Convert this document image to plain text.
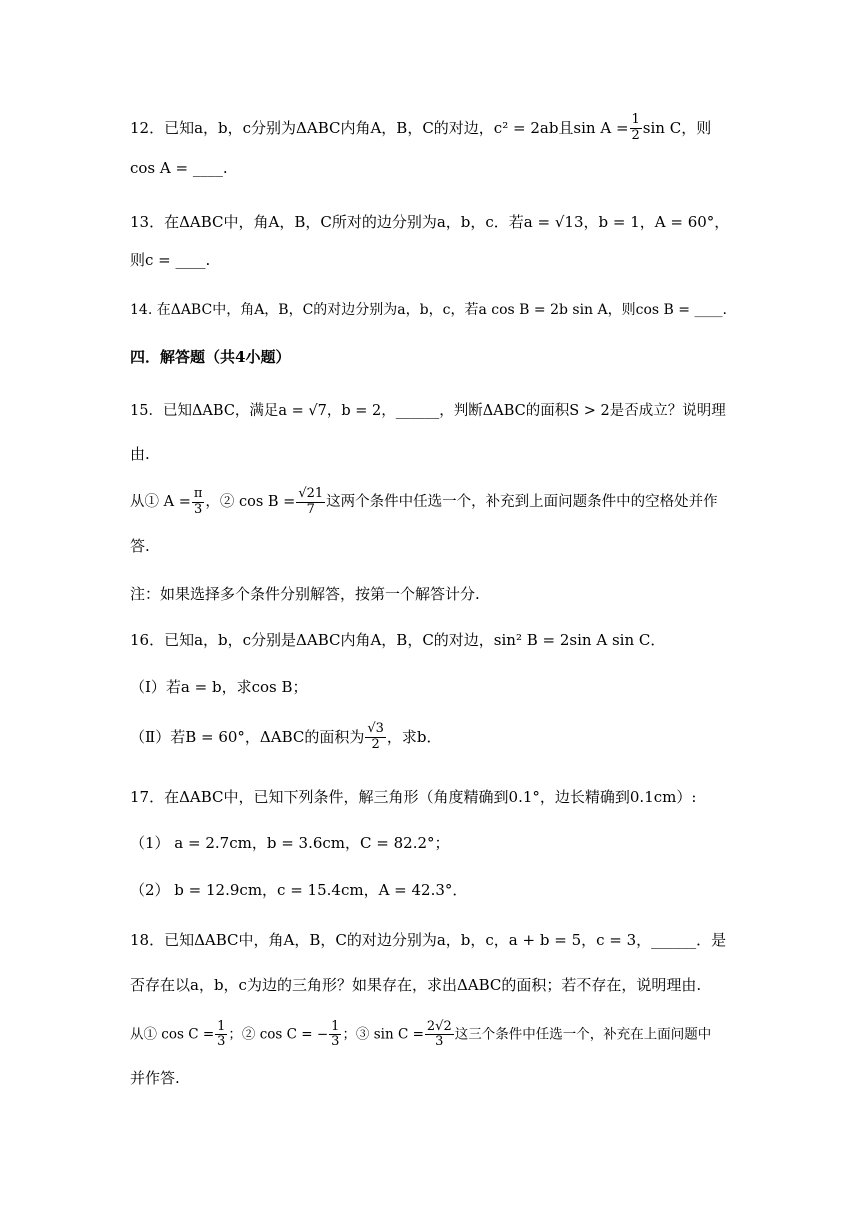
12．已知a，b，c分别为ΔABC内角A，B，C的对边，c² = 2ab且$\sin A = \frac{1}{2}$ sin C，则
cos A = ____.
13．在ΔABC中，角A，B，C所对的边分别为a，b，c．若a = √13，b = 1，A = 60°，
则c = ____.
14. 在ΔABC中，角A，B，C的对边分别为a，b，c，若a cos B = 2b sin A，则cos B = ____.
四．解答题（共4小题）
15．已知ΔABC，满足a = √7，b = 2，______，判断ΔABC的面积S > 2是否成立？说明理
由.
从① $A = \frac{\pi}{3}$ ，② $\cos B = \frac{√21}{7}$ 这两个条件中任选一个，补充到上面问题条件中的空格处并作
答.
注：如果选择多个条件分别解答，按第一个解答计分.
16．已知a，b，c分别是ΔABC内角A，B，C的对边，sin² B = 2sin A sin C．
（Ⅰ）若a = b，求cos B；
（Ⅱ）若B = 60°，ΔABC的面积为 $\frac{√3}{2}$ ，求b．
17．在ΔABC中，已知下列条件，解三角形（角度精确到0.1°，边长精确到0.1cm）:
（1） a = 2.7cm，b = 3.6cm，C = 82.2°；
（2） b = 12.9cm，c = 15.4cm，A = 42.3°．
18．已知ΔABC中，角A，B，C的对边分别为a，b，c，a + b = 5，c = 3，______．是
否存在以a，b，c为边的三角形？如果存在，求出ΔABC的面积；若不存在，说明理由.
从① $\cos C = \frac{1}{3}$ ；② cos C = − $\frac{1}{3}$ ；③ $\sin C = \frac{2√2}{3}$ 这三个条件中任选一个，补充在上面问题中
并作答.
